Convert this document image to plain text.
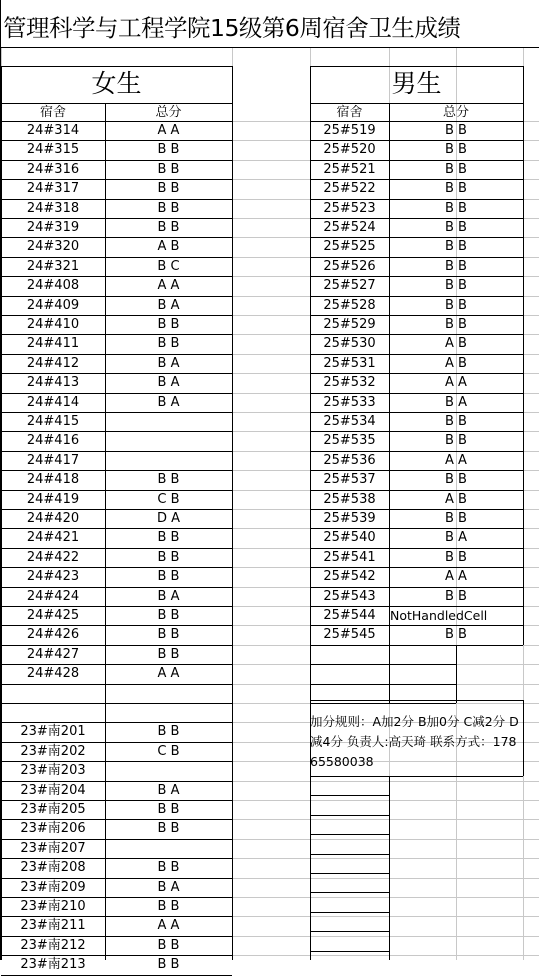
管理科学与工程学院15级第6周宿舍卫生成绩
女生	男生
宿舍	总分	宿舍	总分
加分规则：A加2分 B加0分 C减2分 D减4分 负责人:高天琦 联系方式：17865580038
24#314	A A
24#315	B B
24#316	B B
24#317	B B
24#318	B B
24#319	B B
24#320	A B
24#321	B C
24#408	A A
24#409	B A
24#410	B B
24#411	B B
24#412	B A
24#413	B A
24#414	B A
24#415
24#416
24#417
24#418	B B
24#419	C B
24#420	D A
24#421	B B
24#422	B B
24#423	B B
24#424	B A
24#425	B B
24#426	B B
24#427	B B
24#428	A A
23#南201	B B
23#南202	C B
23#南203
23#南204	B A
23#南205	B B
23#南206	B B
23#南207
23#南208	B B
23#南209	B A
23#南210	B B
23#南211	A A
23#南212	B B
23#南213	B B
25#519	B B
25#520	B B
25#521	B B
25#522	B B
25#523	B B
25#524	B B
25#525	B B
25#526	B B
25#527	B B
25#528	B B
25#529	B B
25#530	A B
25#531	A B
25#532	A A
25#533	B A
25#534	B B
25#535	B B
25#536	A A
25#537	B B
25#538	A B
25#539	B B
25#540	B A
25#541	B B
25#542	A A
25#543	B B
25#544	NotHandledCell
25#545	B B
